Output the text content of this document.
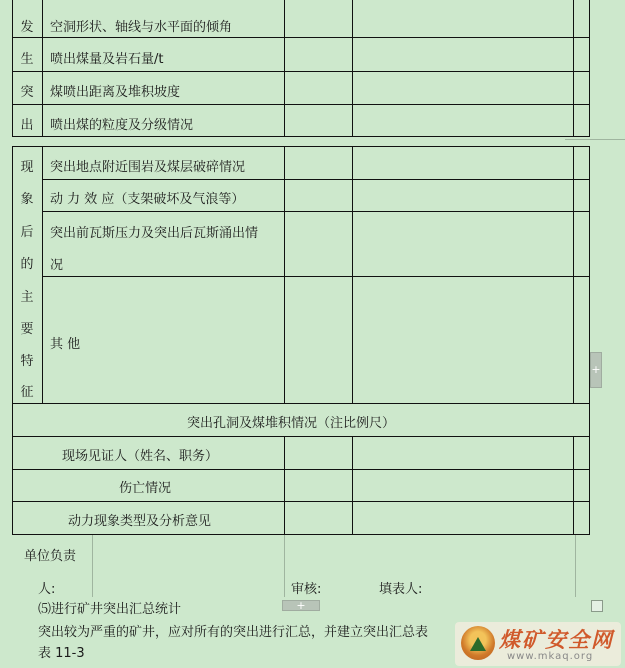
发
生
突
出
空洞形状、轴线与水平面的倾角
喷出煤量及岩石量/t
煤喷出距离及堆积坡度
喷出煤的粒度及分级情况
现
象
后
的
主
要
特
征
突出地点附近围岩及煤层破碎情况
动 力 效 应（支架破坏及气浪等）
突出前瓦斯压力及突出后瓦斯涌出情
况
其 他
突出孔洞及煤堆积情况（注比例尺）
现场见证人（姓名、职务）
伤亡情况
动力现象类型及分析意见
单位负责
人:	审核:	填表人:
⑸进行矿井突出汇总统计
突出较为严重的矿井，应对所有的突出进行汇总，并建立突出汇总表
表 11-3
+
+
煤矿安全网
www.mkaq.org
